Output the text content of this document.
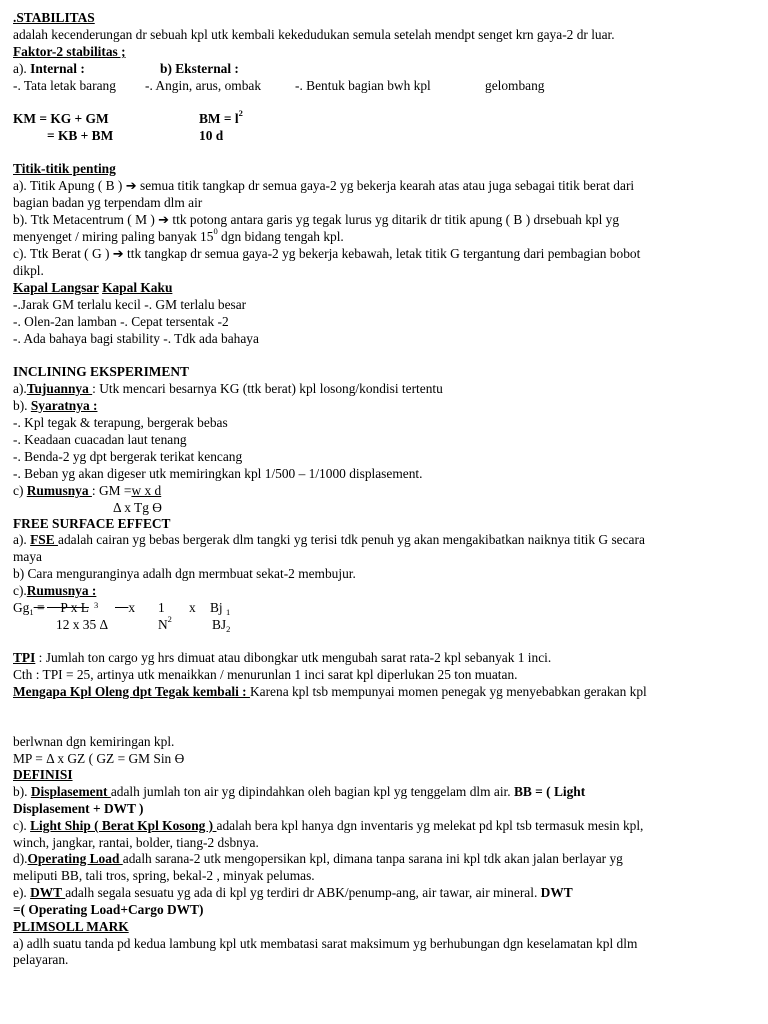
.STABILITAS
adalah kecenderungan dr sebuah kpl utk kembali kekedudukan semula setelah mendpt senget krn gaya-2 dr luar.
Faktor-2 stabilitas ;
a). Internal :	b) Eksternal :
-. Tata letak barang -. Angin, arus, ombak	-. Bentuk bagian bwh kpl	gelombang
KM = KG + GM
= KB + BM
BM = $l^2$
10 d
Titik-titik penting
a). Titik Apung ( B ) ➔ semua titik tangkap dr semua gaya-2 yg bekerja kearah atas atau juga sebagai titik berat dari
bagian badan yg terpendam dlm air
b). Ttk Metacentrum ( M ) ➔ ttk potong antara garis yg tegak lurus yg ditarik dr titik apung ( B ) drsebuah kpl yg
menyenget / miring paling banyak $15^0$ dgn bidang tengah kpl.
c). Ttk Berat ( G ) ➔ ttk tangkap dr semua gaya-2 yg bekerja kebawah, letak titik G tergantung dari pembagian bobot
dikpl.
Kapal Langsar Kapal Kaku
-.Jarak GM terlalu kecil -. GM terlalu besar
-. Olen-2an lamban -. Cepat tersentak -2
-. Ada bahaya bagi stability -. Tdk ada bahaya
INCLINING EKSPERIMENT
a).Tujuannya : Utk mencari besarnya KG (ttk berat) kpl losong/kondisi tertentu
b). Syaratnya :
-. Kpl tegak & terapung, bergerak bebas
-. Keadaan cuacadan laut tenang
-. Benda-2 yg dpt bergerak terikat kencang
-. Beban yg akan digeser utk memiringkan kpl 1/500 – 1/1000 displasement.
c) Rumusnya : GM =w x d
Δ x Tg ϴ
FREE SURFACE EFFECT
a). FSE adalah cairan yg bebas bergerak dlm tangki yg terisi tdk penuh yg akan mengakibatkan naiknya titik G secara
maya
b) Cara menguranginya adalh dgn mermbuat sekat-2 membujur.
c).Rumusnya :
$Gg_1$ =	P x L 3	x 1 x Bj $_1$
12 x 35 Δ	$N^2$	$BJ_2$
TPI : Jumlah ton cargo yg hrs dimuat atau dibongkar utk mengubah sarat rata-2 kpl sebanyak 1 inci.
Cth : TPI = 25, artinya utk menaikkan / menurunlan 1 inci sarat kpl diperlukan 25 ton muatan.
Mengapa Kpl Oleng dpt Tegak kembali : Karena kpl tsb mempunyai momen penegak yg menyebabkan gerakan kpl
berlwnan dgn kemiringan kpl.
MP = Δ x GZ ( GZ = GM Sin ϴ
DEFINISI
b). Displasement adalh jumlah ton air yg dipindahkan oleh bagian kpl yg tenggelam dlm air. BB = ( Light
Displasement + DWT )
c). Light Ship ( Berat Kpl Kosong ) adalah bera kpl hanya dgn inventaris yg melekat pd kpl tsb termasuk mesin kpl,
winch, jangkar, rantai, bolder, tiang-2 dsbnya.
d).Operating Load adalh sarana-2 utk mengopersikan kpl, dimana tanpa sarana ini kpl tdk akan jalan berlayar yg
meliputi BB, tali tros, spring, bekal-2 , minyak pelumas.
e). DWT adalh segala sesuatu yg ada di kpl yg terdiri dr ABK/penump-ang, air tawar, air mineral. DWT
=( Operating Load+Cargo DWT)
PLIMSOLL MARK
a) adlh suatu tanda pd kedua lambung kpl utk membatasi sarat maksimum yg berhubungan dgn keselamatan kpl dlm
pelayaran.
